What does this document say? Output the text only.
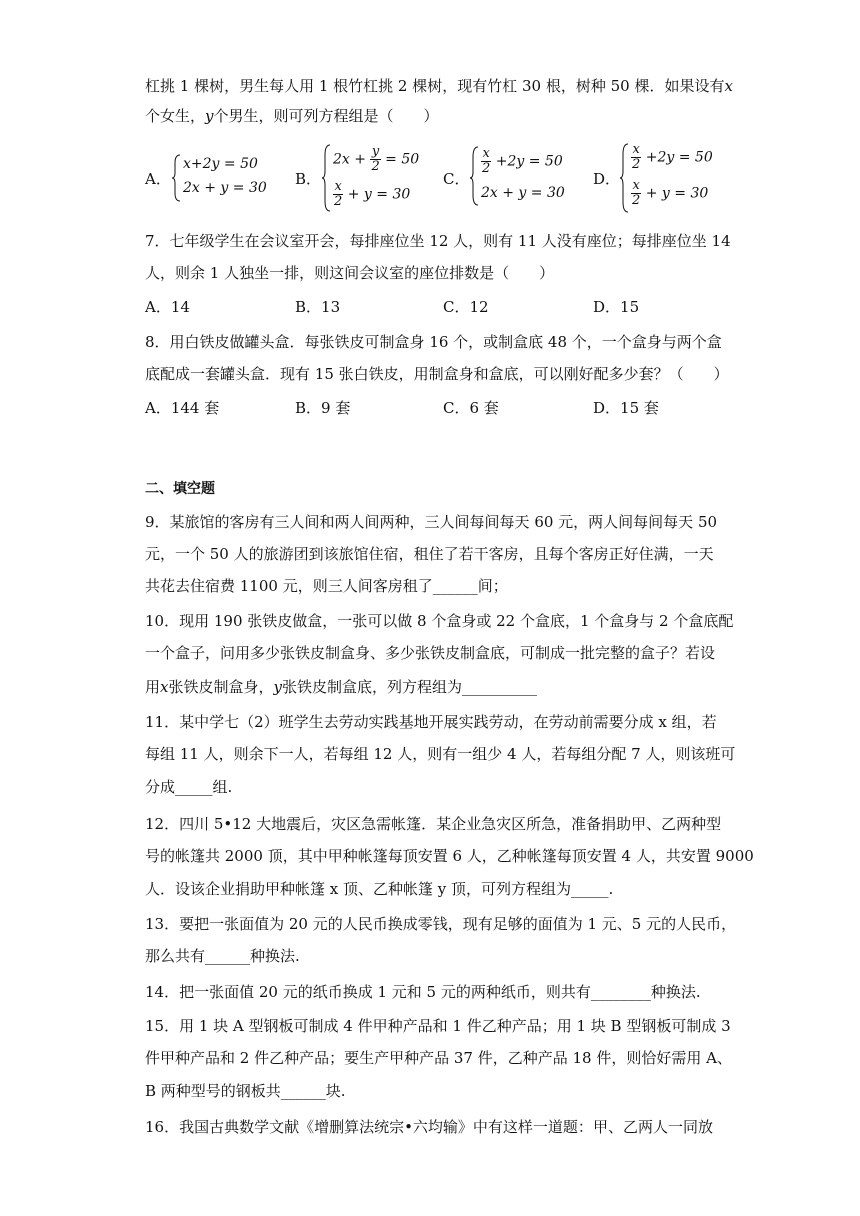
杠挑 1 棵树，男生每人用 1 根竹杠挑 2 棵树，现有竹杠 30 根，树种 50 棵．如果设有x
个女生，y个男生，则可列方程组是（　　）
A．
x+2y = 50
2x + y = 30 B．
$2x + \frac{y}{2} = 50$
$\frac{x}{2} + y = 30$
C．
$\frac{x}{2} +2y = 50$
2x + y = 30
D．
$\frac{x}{2} +2y = 50$
$\frac{x}{2} + y = 30$
7．七年级学生在会议室开会，每排座位坐 12 人，则有 11 人没有座位；每排座位坐 14
人，则余 1 人独坐一排，则这间会议室的座位排数是（　　）
A．14	B．13	C．12	D．15
8．用白铁皮做罐头盒．每张铁皮可制盒身 16 个，或制盒底 48 个，一个盒身与两个盒
底配成一套罐头盒．现有 15 张白铁皮，用制盒身和盒底，可以刚好配多少套？（　　）
A．144 套	B．9 套	C．6 套	D．15 套
二、填空题
9．某旅馆的客房有三人间和两人间两种，三人间每间每天 60 元，两人间每间每天 50
元，一个 50 人的旅游团到该旅馆住宿，租住了若干客房，且每个客房正好住满，一天
共花去住宿费 1100 元，则三人间客房租了______间；
10．现用 190 张铁皮做盒，一张可以做 8 个盒身或 22 个盒底，1 个盒身与 2 个盒底配
一个盒子，问用多少张铁皮制盒身、多少张铁皮制盒底，可制成一批完整的盒子？若设
用x张铁皮制盒身，y张铁皮制盒底，列方程组为__________
11．某中学七（2）班学生去劳动实践基地开展实践劳动，在劳动前需要分成 x 组，若
每组 11 人，则余下一人，若每组 12 人，则有一组少 4 人，若每组分配 7 人，则该班可
分成_____组.
12．四川 5•12 大地震后，灾区急需帐篷．某企业急灾区所急，准备捐助甲、乙两种型
号的帐篷共 2000 顶，其中甲种帐篷每顶安置 6 人，乙种帐篷每顶安置 4 人，共安置 9000
人．设该企业捐助甲种帐篷 x 顶、乙种帐篷 y 顶，可列方程组为_____.
13．要把一张面值为 20 元的人民币换成零钱，现有足够的面值为 1 元、5 元的人民币，
那么共有______种换法.
14．把一张面值 20 元的纸币换成 1 元和 5 元的两种纸币，则共有________种换法.
15．用 1 块 A 型钢板可制成 4 件甲种产品和 1 件乙种产品；用 1 块 B 型钢板可制成 3
件甲种产品和 2 件乙种产品；要生产甲种产品 37 件，乙种产品 18 件，则恰好需用 A、
B 两种型号的钢板共______块.
16．我国古典数学文献《增删算法统宗•六均输》中有这样一道题：甲、乙两人一同放
